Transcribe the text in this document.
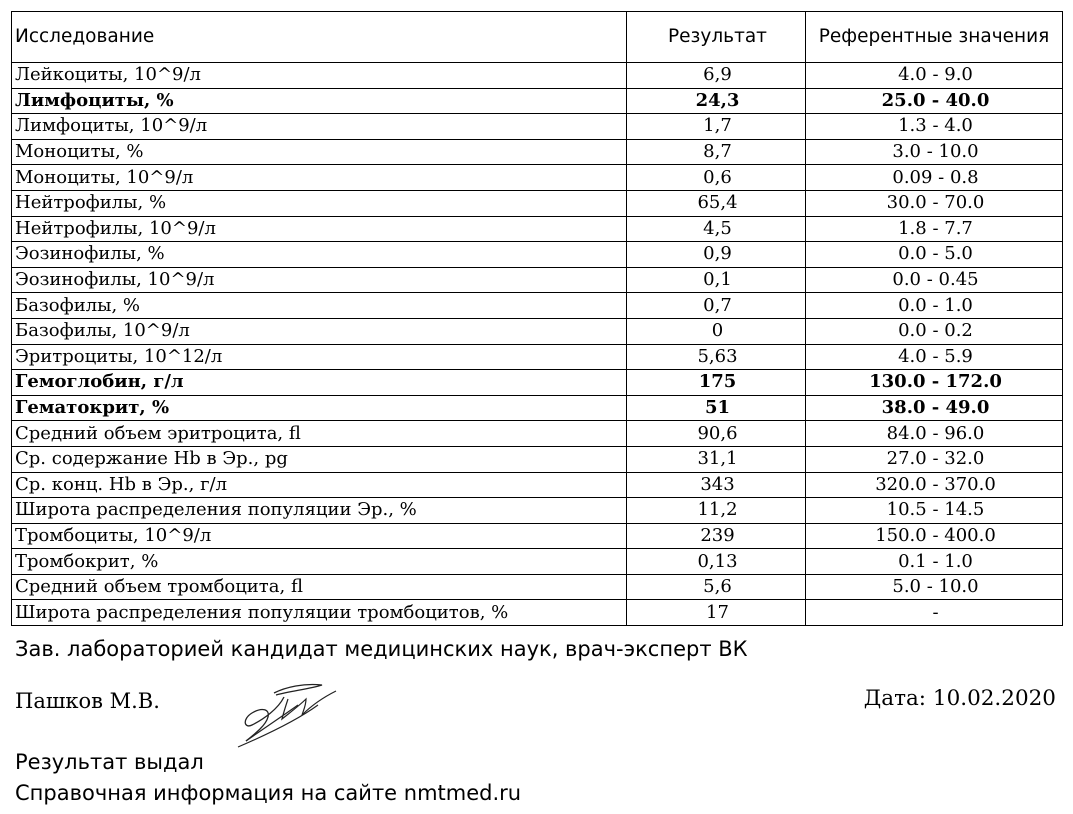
Исследование	Результат	Референтные значения
Лейкоциты, 10^9/л	6,9	4.0 - 9.0
Лимфоциты, %	24,3	25.0 - 40.0
Лимфоциты, 10^9/л	1,7	1.3 - 4.0
Моноциты, %	8,7	3.0 - 10.0
Моноциты, 10^9/л	0,6	0.09 - 0.8
Нейтрофилы, %	65,4	30.0 - 70.0
Нейтрофилы, 10^9/л	4,5	1.8 - 7.7
Эозинофилы, %	0,9	0.0 - 5.0
Эозинофилы, 10^9/л	0,1	0.0 - 0.45
Базофилы, %	0,7	0.0 - 1.0
Базофилы, 10^9/л	0	0.0 - 0.2
Эритроциты, 10^12/л	5,63	4.0 - 5.9
Гемоглобин, г/л	175	130.0 - 172.0
Гематокрит, %	51	38.0 - 49.0
Средний объем эритроцита, fl	90,6	84.0 - 96.0
Ср. содержание Hb в Эр., pg	31,1	27.0 - 32.0
Ср. конц. Hb в Эр., г/л	343	320.0 - 370.0
Широта распределения популяции Эр., %	11,2	10.5 - 14.5
Тромбоциты, 10^9/л	239	150.0 - 400.0
Тромбокрит, %	0,13	0.1 - 1.0
Средний объем тромбоцита, fl	5,6	5.0 - 10.0
Широта распределения популяции тромбоцитов, %	17	-
Зав. лабораторией кандидат медицинских наук, врач-эксперт ВК
Пашков М.В.	Дата: 10.02.2020
Результат выдал
Справочная информация на сайте nmtmed.ru
